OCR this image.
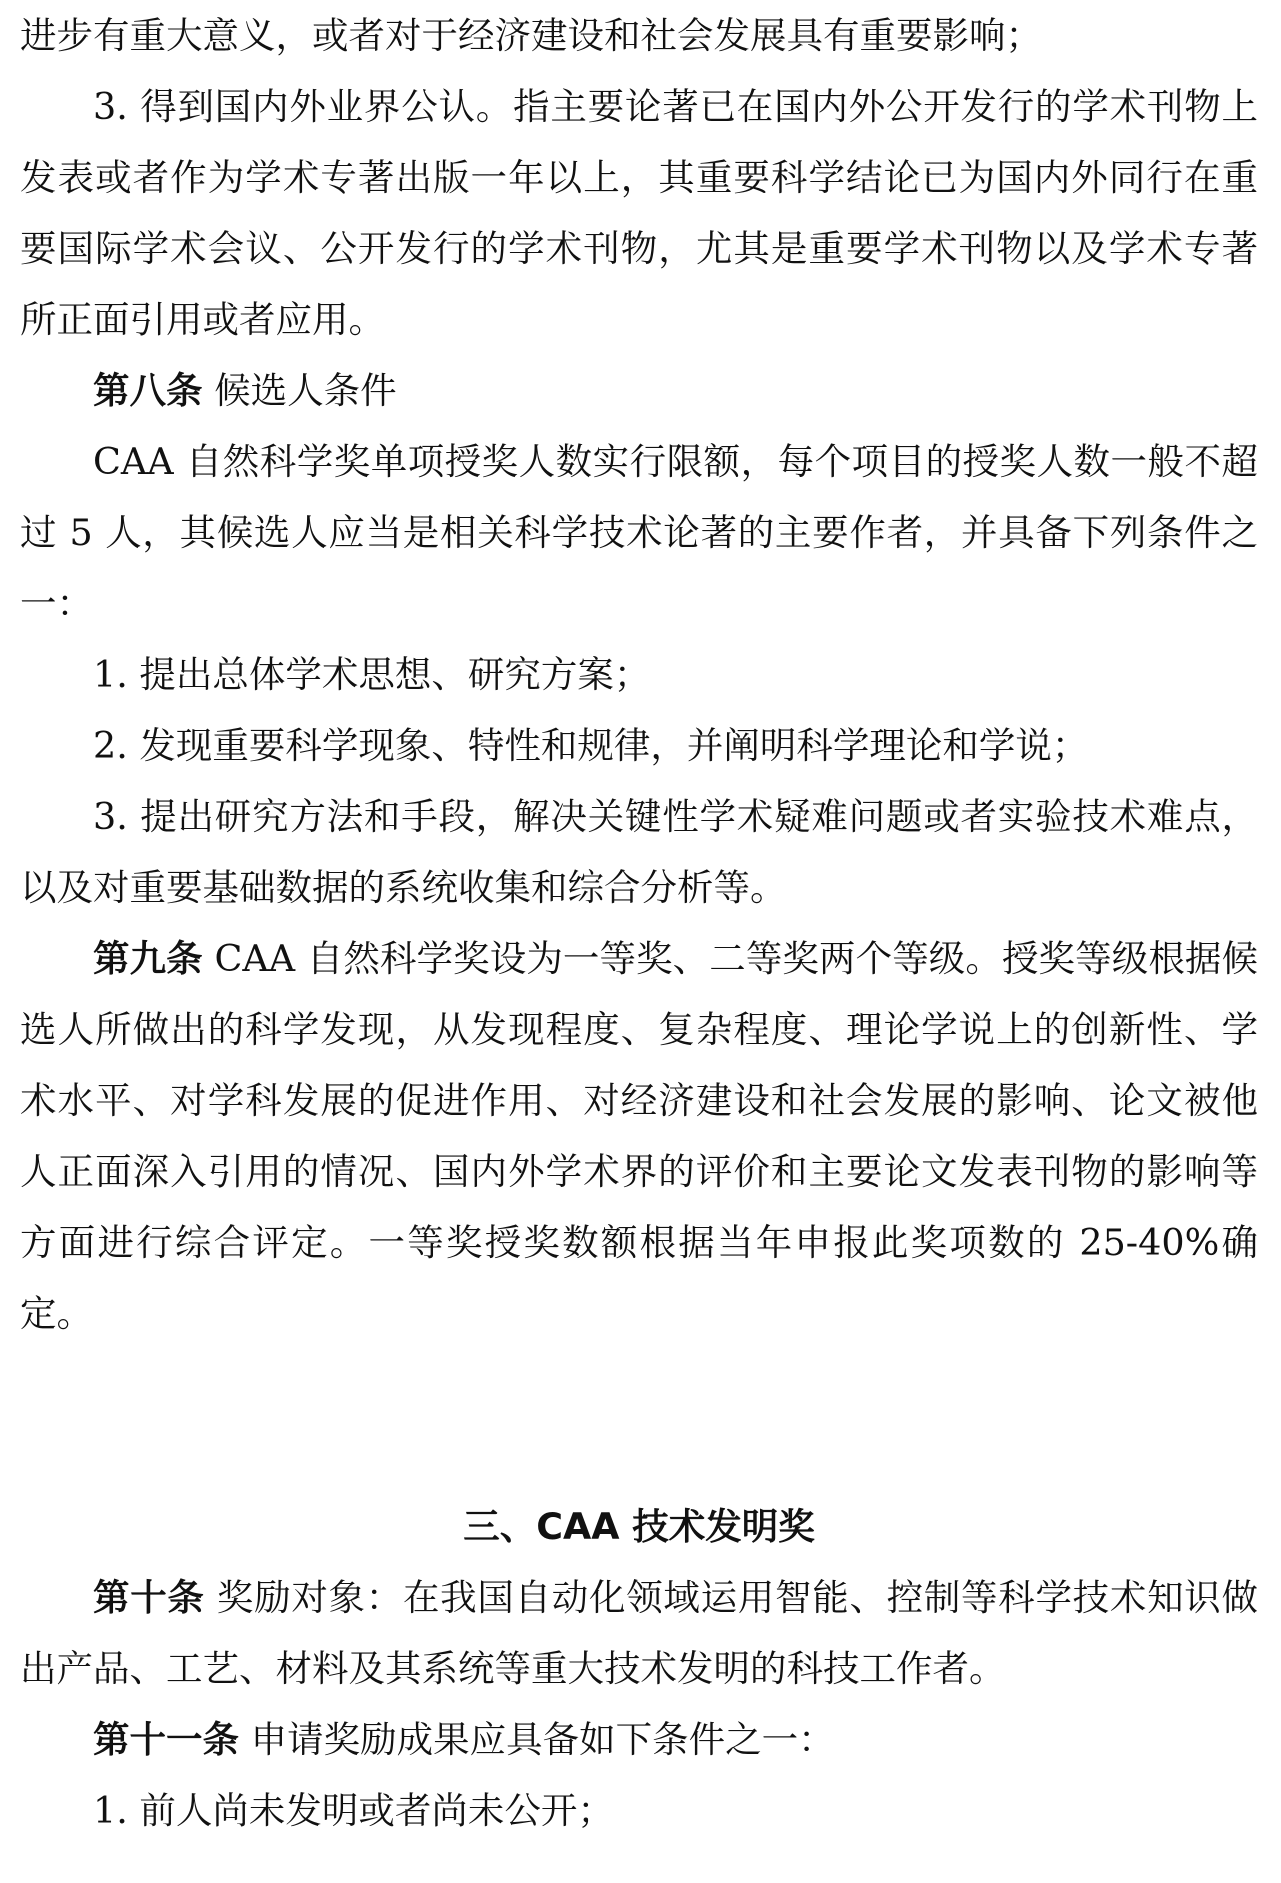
进步有重大意义，或者对于经济建设和社会发展具有重要影响；

3. 得到国内外业界公认。指主要论著已在国内外公开发行的学术刊物上发表或者作为学术专著出版一年以上，其重要科学结论已为国内外同行在重要国际学术会议、公开发行的学术刊物，尤其是重要学术刊物以及学术专著所正面引用或者应用。

第八条 候选人条件

CAA 自然科学奖单项授奖人数实行限额，每个项目的授奖人数一般不超过 5 人，其候选人应当是相关科学技术论著的主要作者，并具备下列条件之一：

1. 提出总体学术思想、研究方案；

2. 发现重要科学现象、特性和规律，并阐明科学理论和学说；

3. 提出研究方法和手段，解决关键性学术疑难问题或者实验技术难点，以及对重要基础数据的系统收集和综合分析等。

第九条 CAA 自然科学奖设为一等奖、二等奖两个等级。授奖等级根据候选人所做出的科学发现，从发现程度、复杂程度、理论学说上的创新性、学术水平、对学科发展的促进作用、对经济建设和社会发展的影响、论文被他人正面深入引用的情况、国内外学术界的评价和主要论文发表刊物的影响等方面进行综合评定。一等奖授奖数额根据当年申报此奖项数的 25-40%确定。

三、CAA 技术发明奖

第十条 奖励对象：在我国自动化领域运用智能、控制等科学技术知识做出产品、工艺、材料及其系统等重大技术发明的科技工作者。

第十一条 申请奖励成果应具备如下条件之一：

1. 前人尚未发明或者尚未公开；
